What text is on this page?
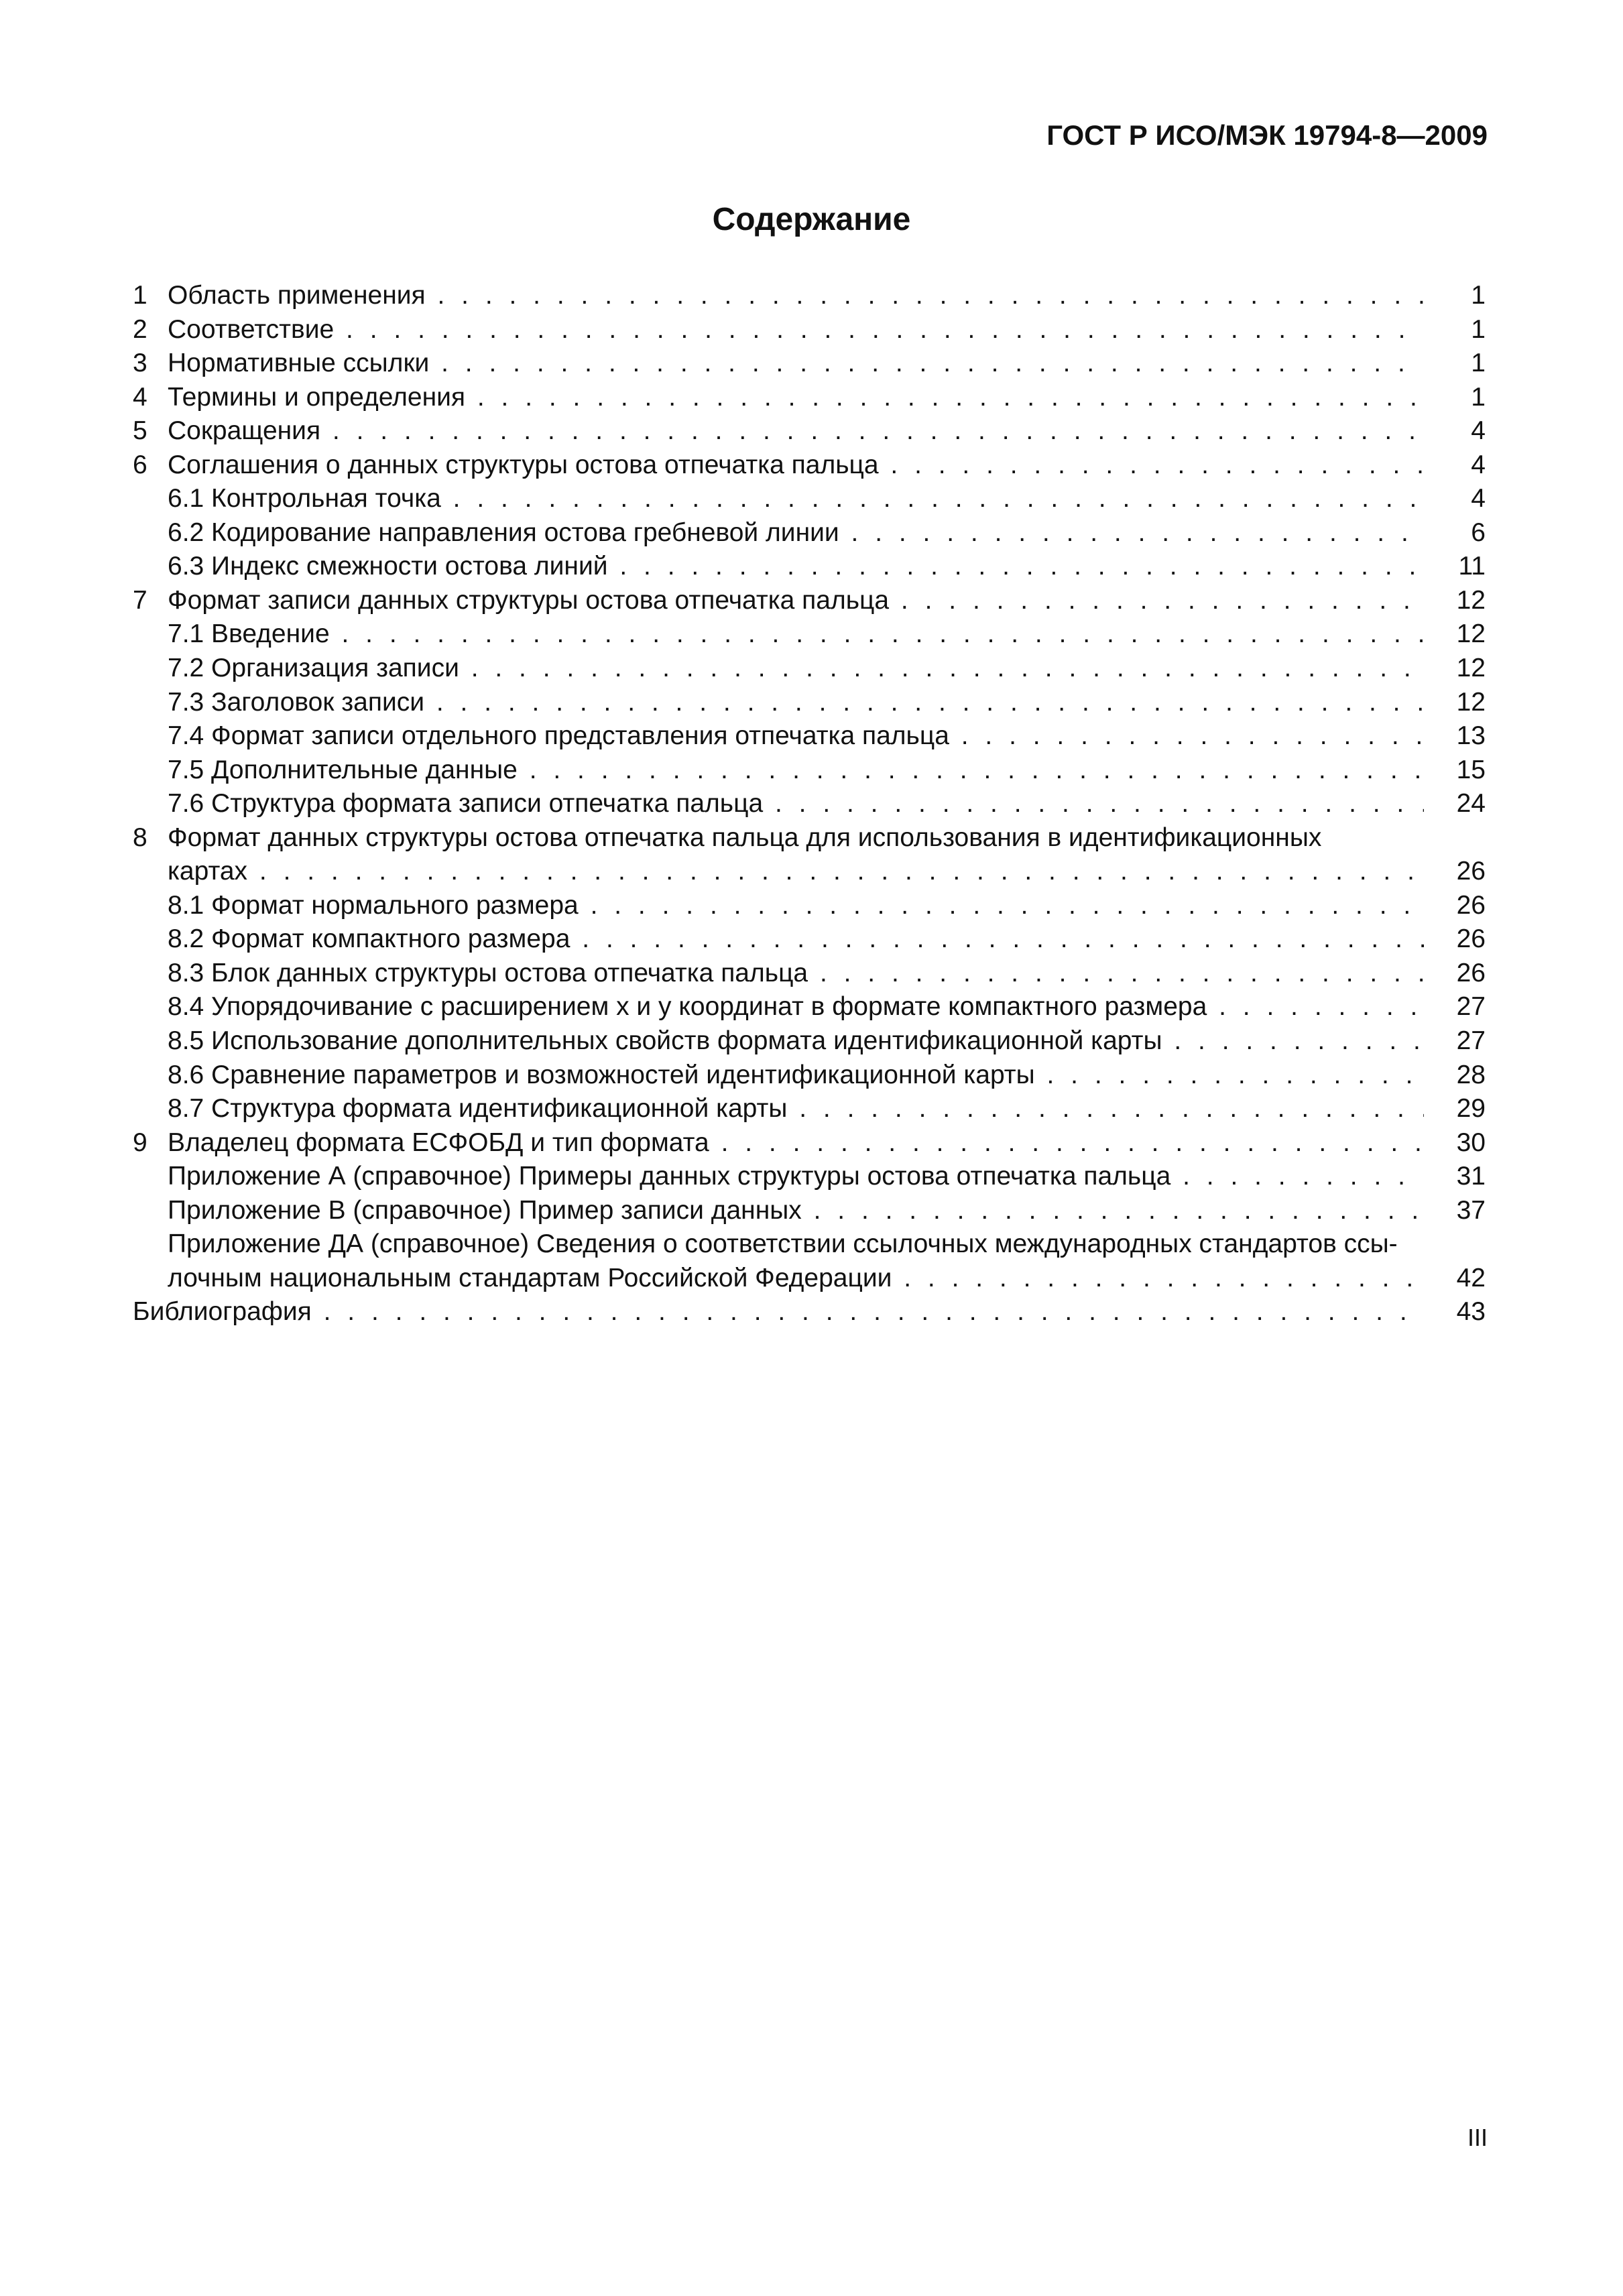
ГОСТ Р ИСО/МЭК 19794-8—2009
Содержание
1 Область применения . . .	1
2 Соответствие . . .	1
3 Нормативные ссылки . . .	1
4 Термины и определения . . .	1
5 Сокращения . . .	4
6 Соглашения о данных структуры остова отпечатка пальца . . .	4
6.1 Контрольная точка . . .	4
6.2 Кодирование направления остова гребневой линии . . .	6
6.3 Индекс смежности остова линий . . .	11
7 Формат записи данных структуры остова отпечатка пальца . . .	12
7.1 Введение . . .	12
7.2 Организация записи . . .	12
7.3 Заголовок записи . . .	12
7.4 Формат записи отдельного представления отпечатка пальца . . .	13
7.5 Дополнительные данные . . .	15
7.6 Структура формата записи отпечатка пальца . . .	24
8 Формат данных структуры остова отпечатка пальца для использования в идентификационных
картах . . .	26
8.1 Формат нормального размера . . .	26
8.2 Формат компактного размера . . .	26
8.3 Блок данных структуры остова отпечатка пальца . . .	26
8.4 Упорядочивание с расширением x и y координат в формате компактного размера . . .	27
8.5 Использование дополнительных свойств формата идентификационной карты . . .	27
8.6 Сравнение параметров и возможностей идентификационной карты . . .	28
8.7 Структура формата идентификационной карты . . .	29
9 Владелец формата ЕСФОБД и тип формата . . .	30
Приложение А (справочное) Примеры данных структуры остова отпечатка пальца . . .	31
Приложение В (справочное) Пример записи данных . . .	37
Приложение ДА (справочное) Сведения о соответствии ссылочных международных стандартов ссы-
лочным национальным стандартам Российской Федерации . . .	42
Библиография . . .	43
III
